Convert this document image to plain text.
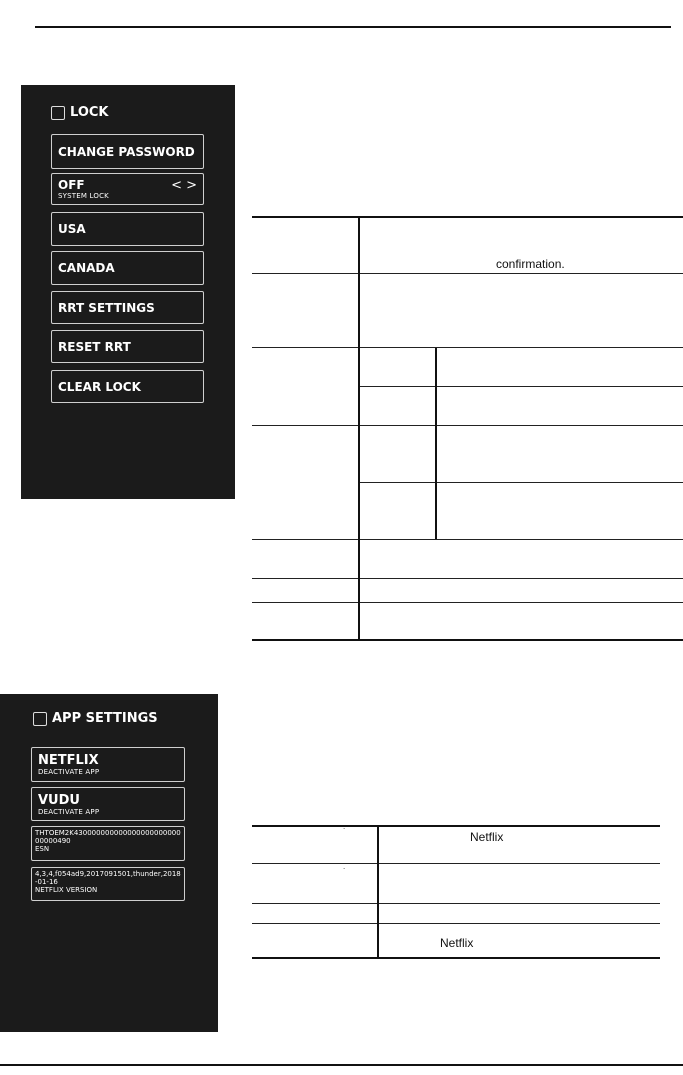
LOCK
CHANGE PASSWORD
OFF
SYSTEM LOCK
< >
USA
CANADA
RRT SETTINGS
RESET RRT
CLEAR LOCK
confirmation.
APP SETTINGS
NETFLIX
DEACTIVATE APP
VUDU
DEACTIVATE APP
THTOEM2K43000000000000000000000000000490
ESN
4,3,4,f054ad9,2017091501,thunder,2018-01-16
NETFLIX VERSION
Netflix
Netflix
.
.
